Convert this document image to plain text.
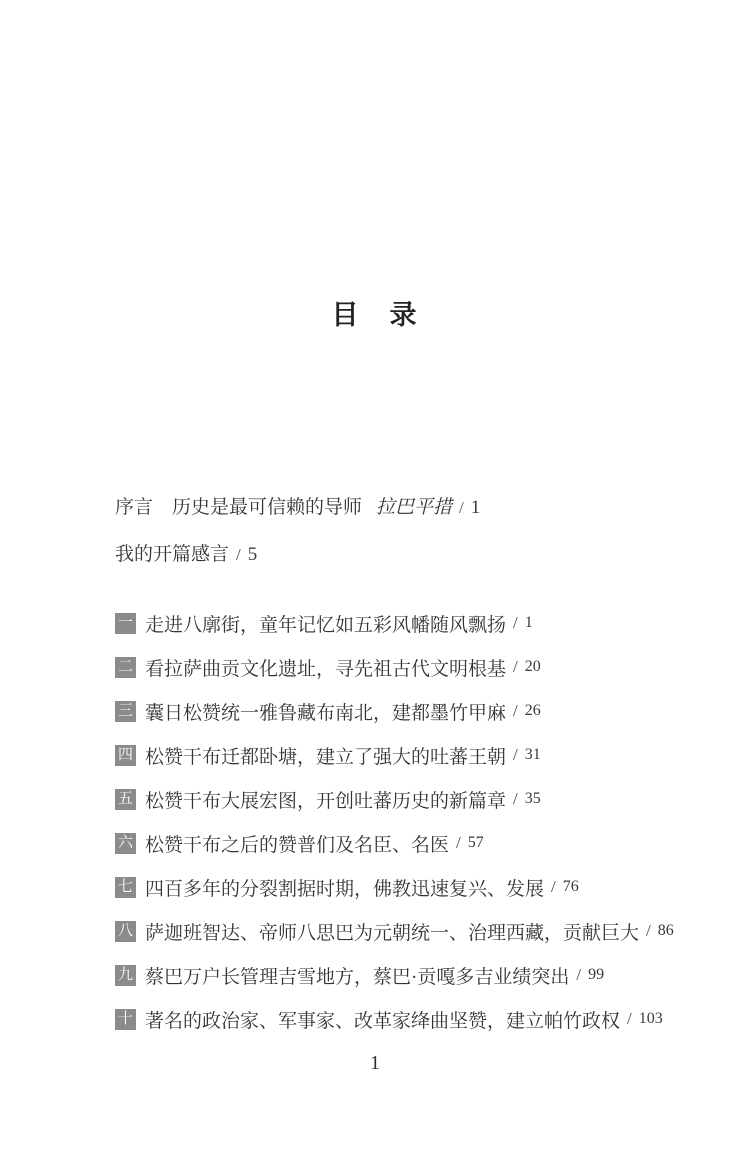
目　录
序言　历史是最可信赖的导师 拉巴平措 / 1
我的开篇感言 / 5
一 走进八廓街，童年记忆如五彩风幡随风飘扬 / 1
二 看拉萨曲贡文化遗址，寻先祖古代文明根基 / 20
三 囊日松赞统一雅鲁藏布南北，建都墨竹甲麻 / 26
四 松赞干布迁都卧塘，建立了强大的吐蕃王朝 / 31
五 松赞干布大展宏图，开创吐蕃历史的新篇章 / 35
六 松赞干布之后的赞普们及名臣、名医 / 57
七 四百多年的分裂割据时期，佛教迅速复兴、发展 / 76
八 萨迦班智达、帝师八思巴为元朝统一、治理西藏，贡献巨大 / 86
九 蔡巴万户长管理吉雪地方，蔡巴·贡嘎多吉业绩突出 / 99
十 著名的政治家、军事家、改革家绛曲坚赞，建立帕竹政权 / 103
1
